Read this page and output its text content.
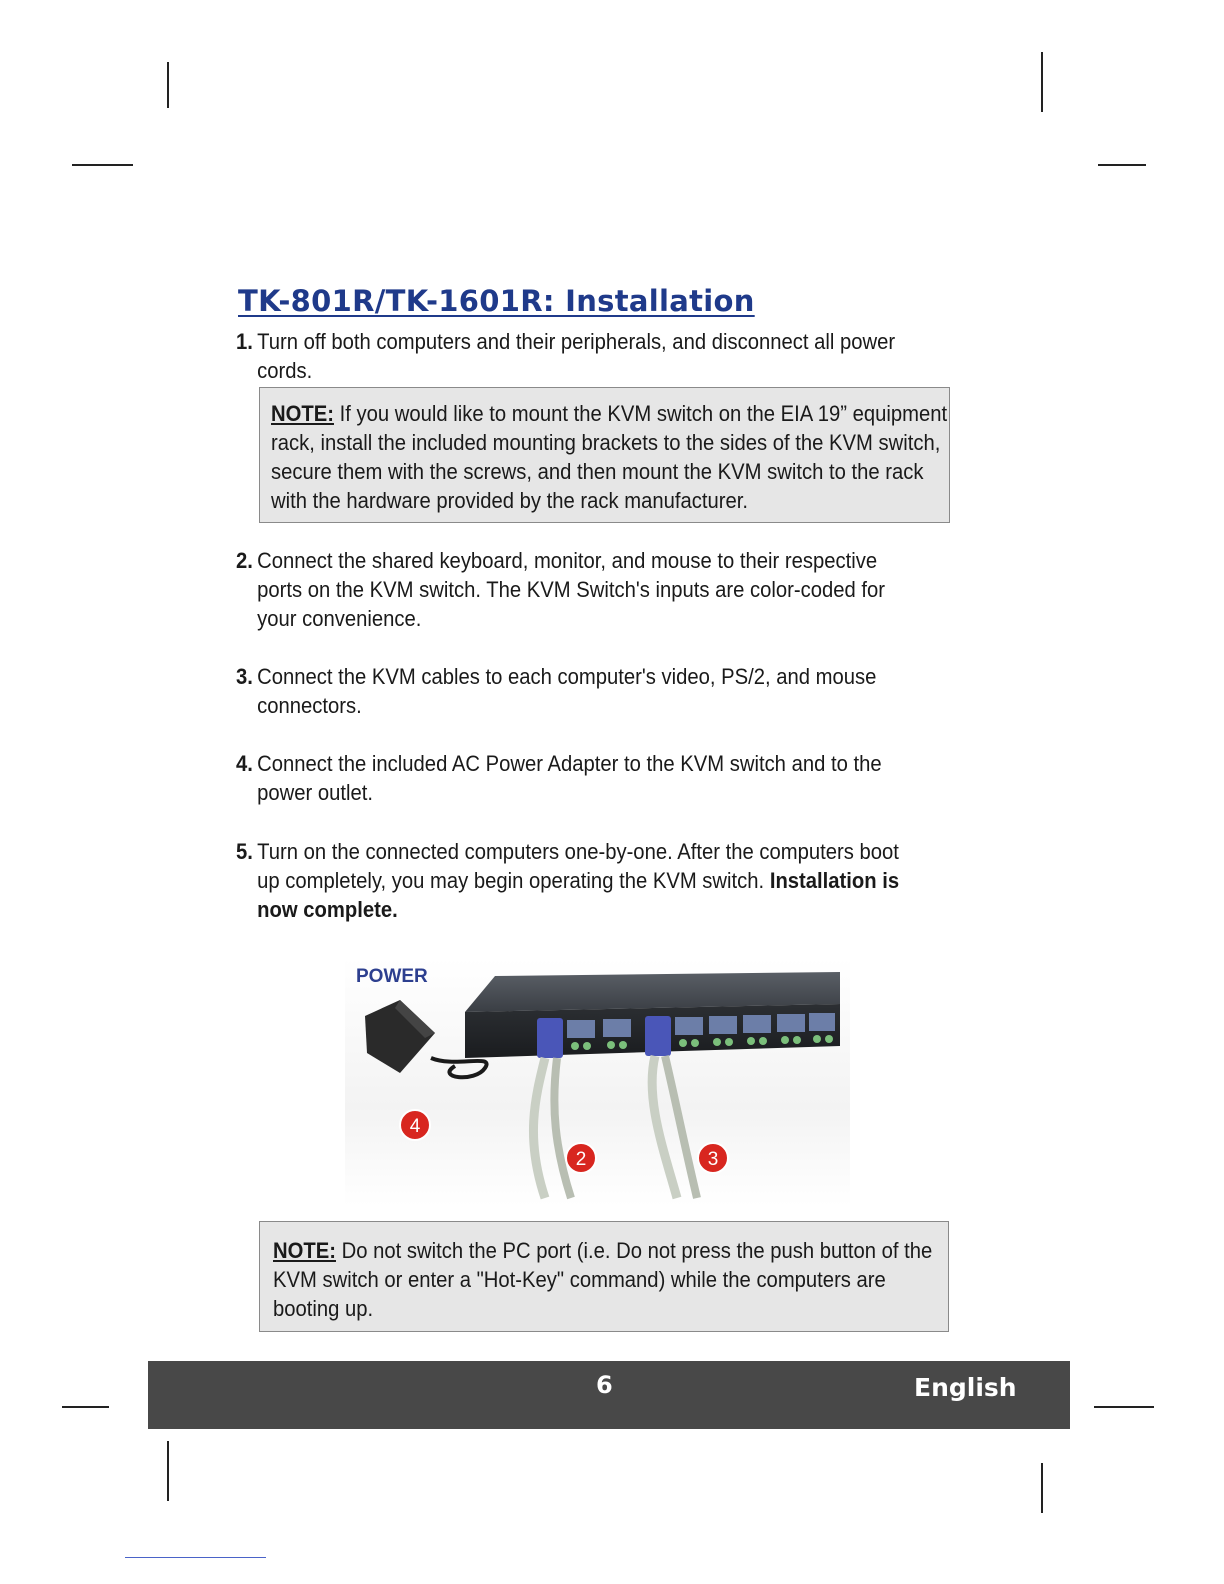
TK-801R/TK-1601R: Installation
1. Turn off both computers and their peripherals, and disconnect all power cords.
NOTE: If you would like to mount the KVM switch on the EIA 19” equipment rack, install the included mounting brackets to the sides of the KVM switch, secure them with the screws, and then mount the KVM switch to the rack with the hardware provided by the rack manufacturer.
2. Connect the shared keyboard, monitor, and mouse to their respective ports on the KVM switch. The KVM Switch's inputs are color-coded for your convenience.
3. Connect the KVM cables to each computer's video, PS/2, and mouse connectors.
4. Connect the included AC Power Adapter to the KVM switch and to the power outlet.
5. Turn on the connected computers one-by-one. After the computers boot up completely, you may begin operating the KVM switch. Installation is now complete.
POWER
4
2	3
NOTE: Do not switch the PC port (i.e. Do not press the push button of the KVM switch or enter a "Hot-Key" command) while the computers are booting up.
6	English
